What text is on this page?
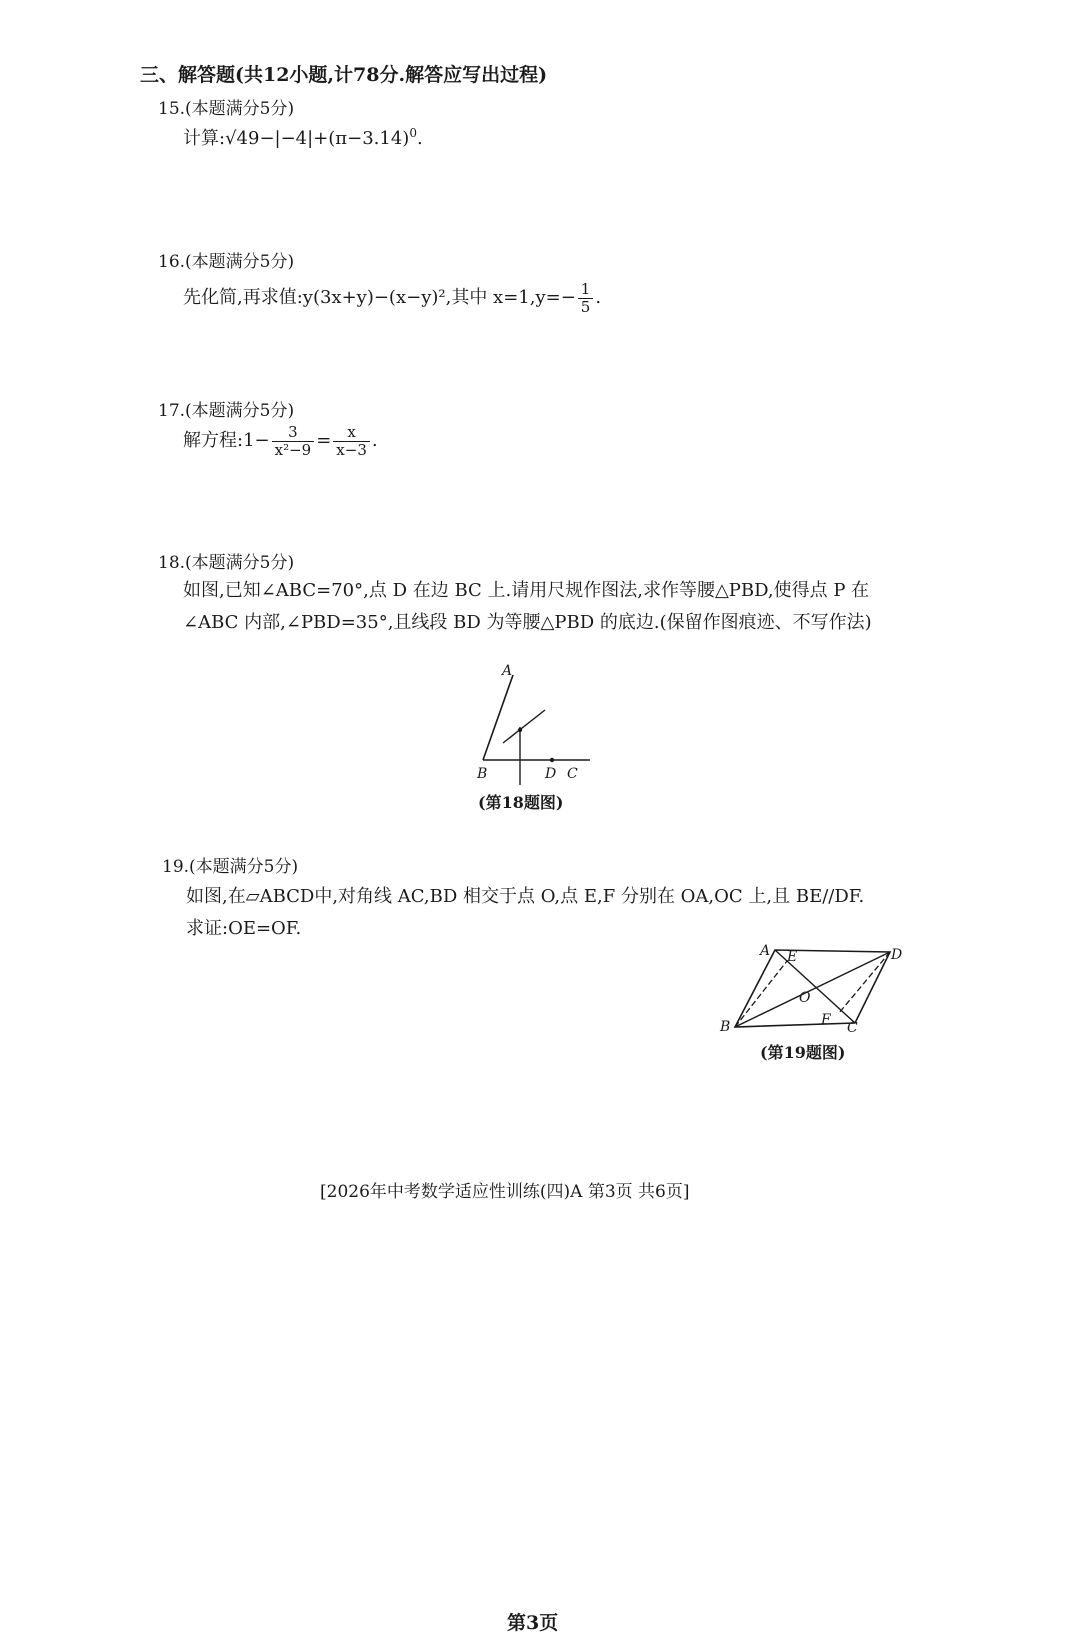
三、解答题(共12小题,计78分.解答应写出过程)
15.(本题满分5分)
计算$:√49-|-4|+(\pi-3.14)^0$.
16.(本题满分5分)
先化简,再求值:y(3x+y)−(x−y)²,其中 $x=1,y=- \frac{1}{5}$ .
17.(本题满分5分)
解方程:1− $\frac{3}{\text{x²−9}} = \frac{x}{x-3}$ .
18.(本题满分5分)
如图,已知∠ABC=70°,点 D 在边 BC 上.请用尺规作图法,求作等腰△PBD,使得点 P 在
∠ABC 内部,∠PBD=35°,且线段 BD 为等腰△PBD 的底边.(保留作图痕迹、不写作法)
A
B	D C
(第18题图)
19.(本题满分5分)
如图,在▱ABCD中,对角线 AC,BD 相交于点 O,点 E,F 分别在 OA,OC 上,且 BE//DF.
求证:OE=OF.
A	D
B	C
E
F
O
(第19题图)
[2026年中考数学适应性训练(四)A 第3页 共6页]
第3页
